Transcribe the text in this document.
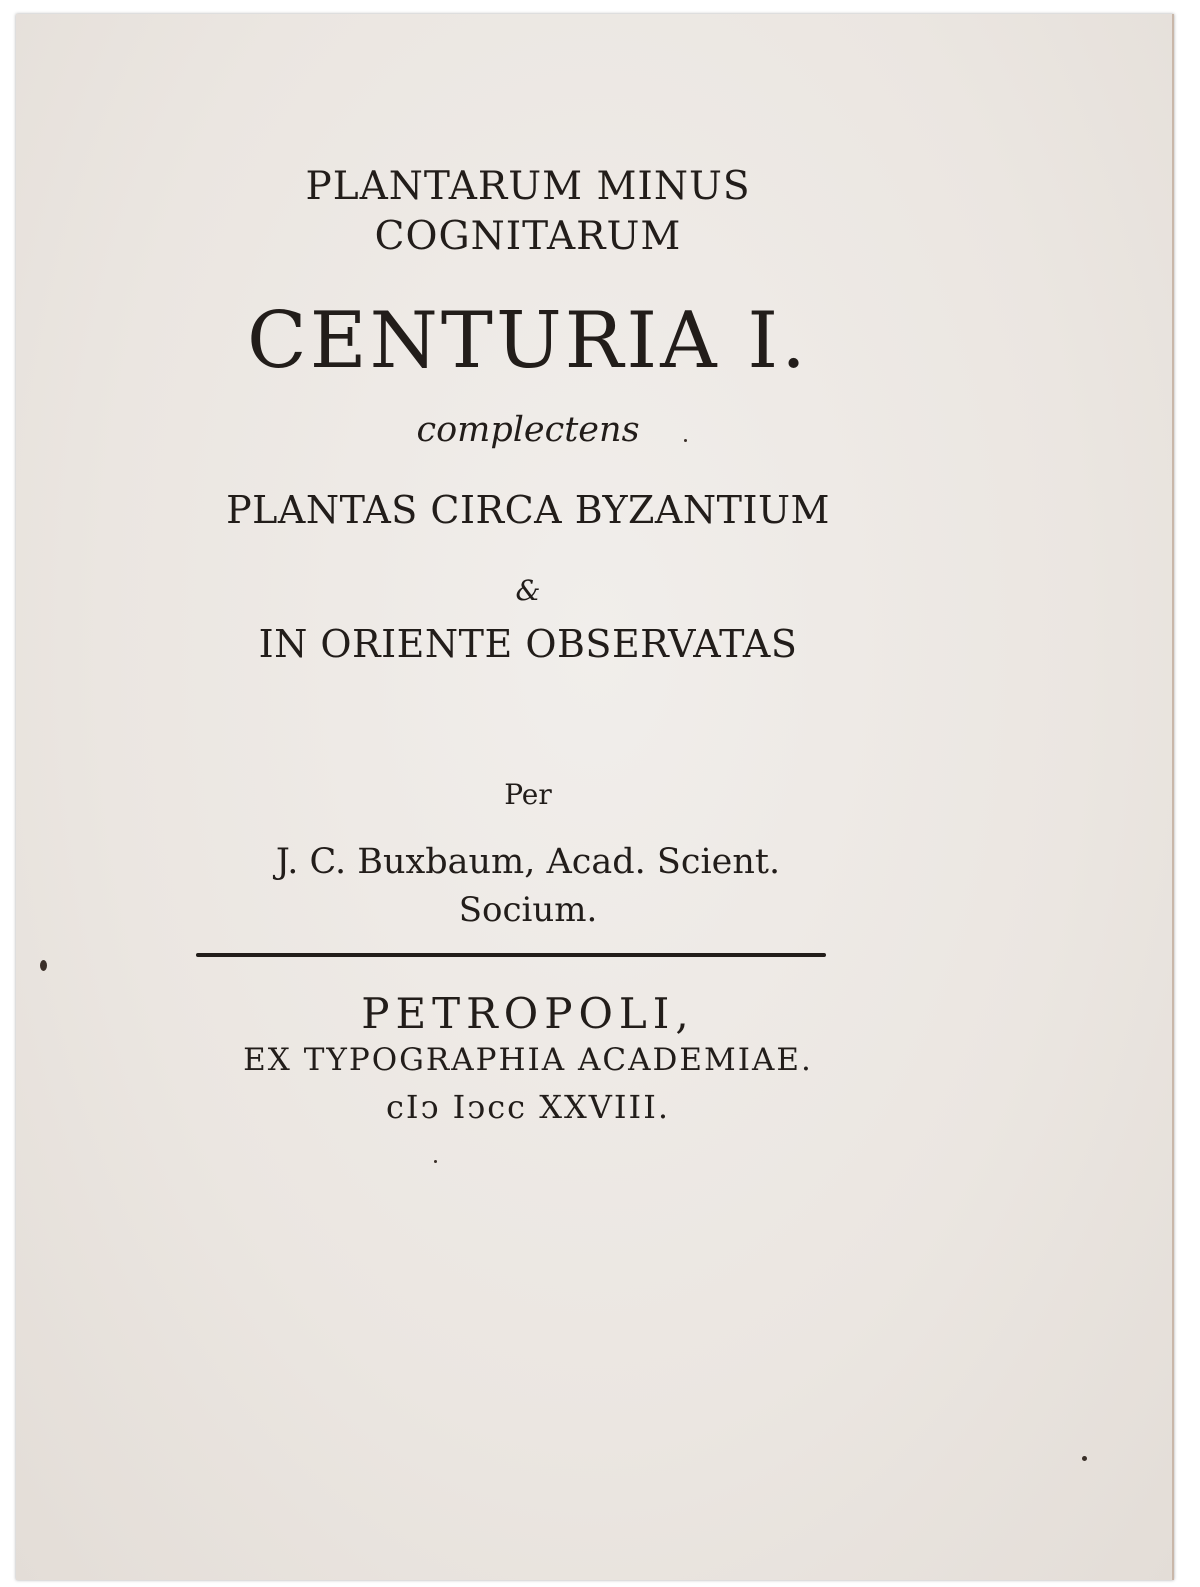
PLANTARUM MINUS
COGNITARUM
CENTURIA I.
complectens
PLANTAS CIRCA BYZANTIUM
&
IN ORIENTE OBSERVATAS
Per
J. C. Buxbaum, Acad. Scient.
Socium.
PETROPOLI,
EX TYPOGRAPHIA ACADEMIAE.
cIↄ Iↄcc XXVIII.
